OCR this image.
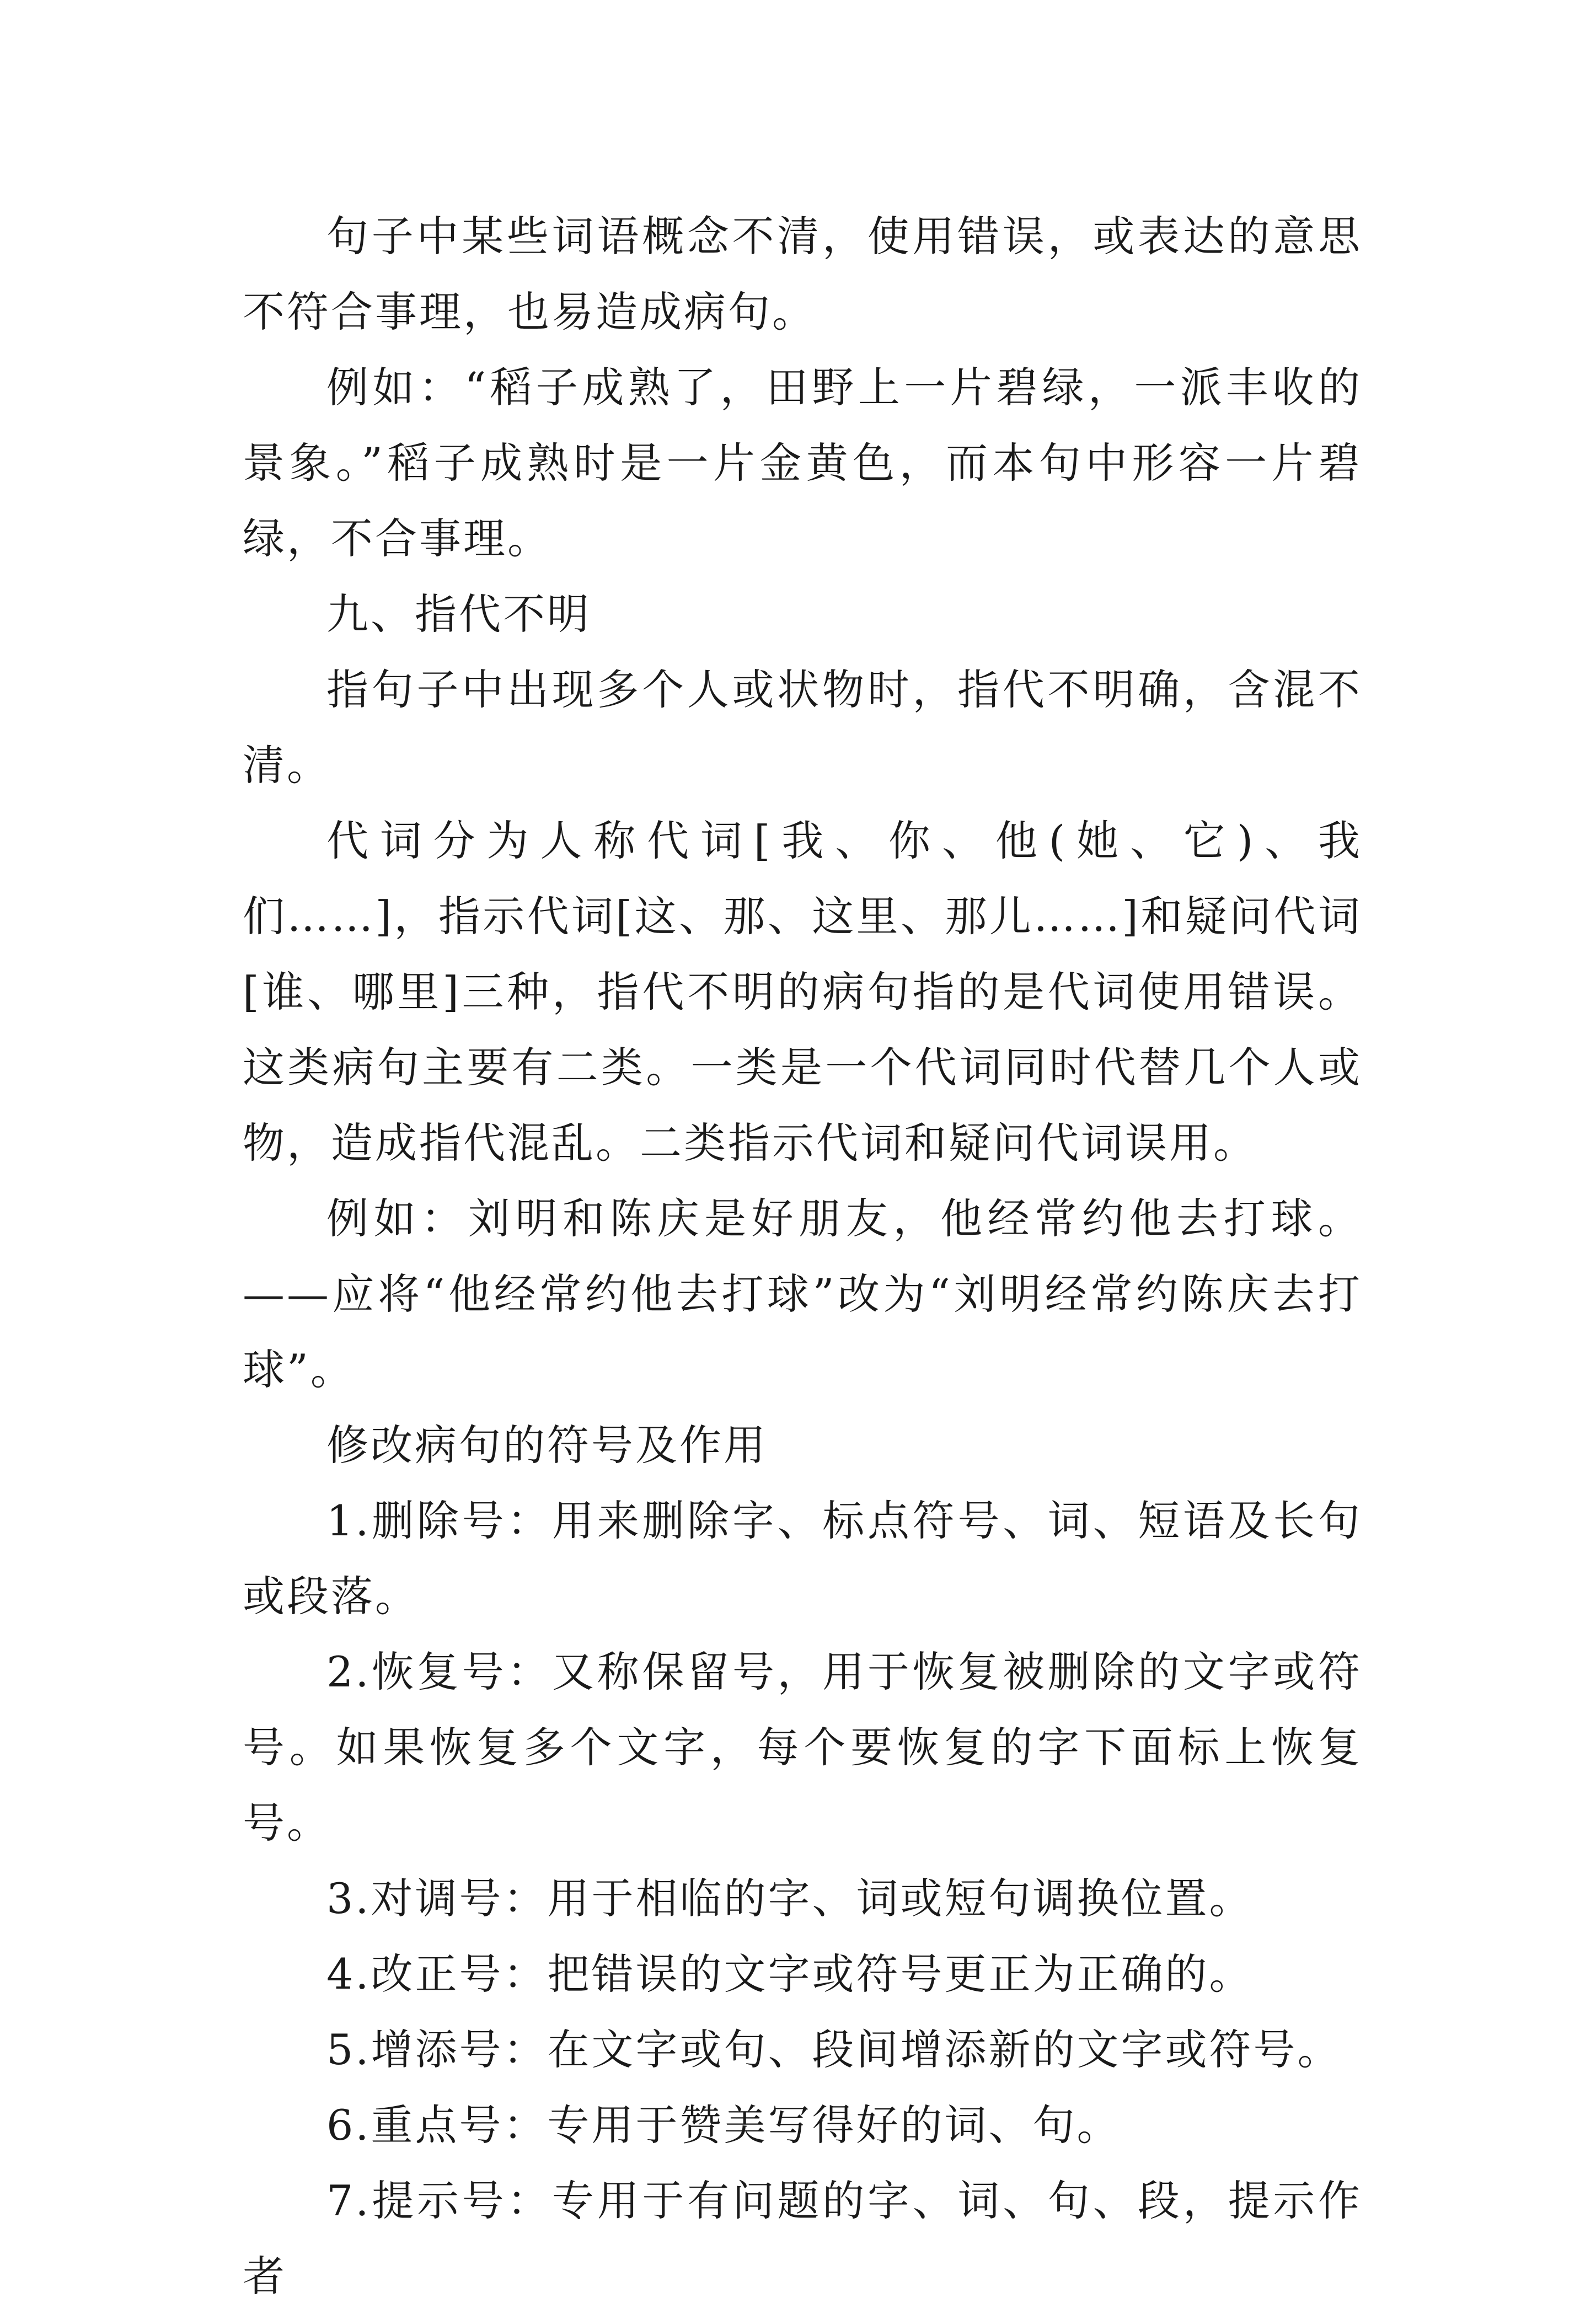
句子中某些词语概念不清，使用错误，或表达的意思不符合事理，也易造成病句。

例如：“稻子成熟了，田野上一片碧绿，一派丰收的景象。”稻子成熟时是一片金黄色，而本句中形容一片碧绿，不合事理。

九、指代不明

指句子中出现多个人或状物时，指代不明确，含混不清。

代词分为人称代词[我、你、他(她、它)、我们……]，指示代词[这、那、这里、那儿……]和疑问代词[谁、哪里]三种，指代不明的病句指的是代词使用错误。这类病句主要有二类。一类是一个代词同时代替几个人或物，造成指代混乱。二类指示代词和疑问代词误用。

例如：刘明和陈庆是好朋友，他经常约他去打球。——应将“他经常约他去打球”改为“刘明经常约陈庆去打球”。

修改病句的符号及作用

1.删除号：用来删除字、标点符号、词、短语及长句或段落。

2.恢复号：又称保留号，用于恢复被删除的文字或符号。如果恢复多个文字，每个要恢复的字下面标上恢复号。

3.对调号：用于相临的字、词或短句调换位置。

4.改正号：把错误的文字或符号更正为正确的。

5.增添号：在文字或句、段间增添新的文字或符号。

6.重点号：专用于赞美写得好的词、句。

7.提示号：专用于有问题的字、词、句、段，提示作者
